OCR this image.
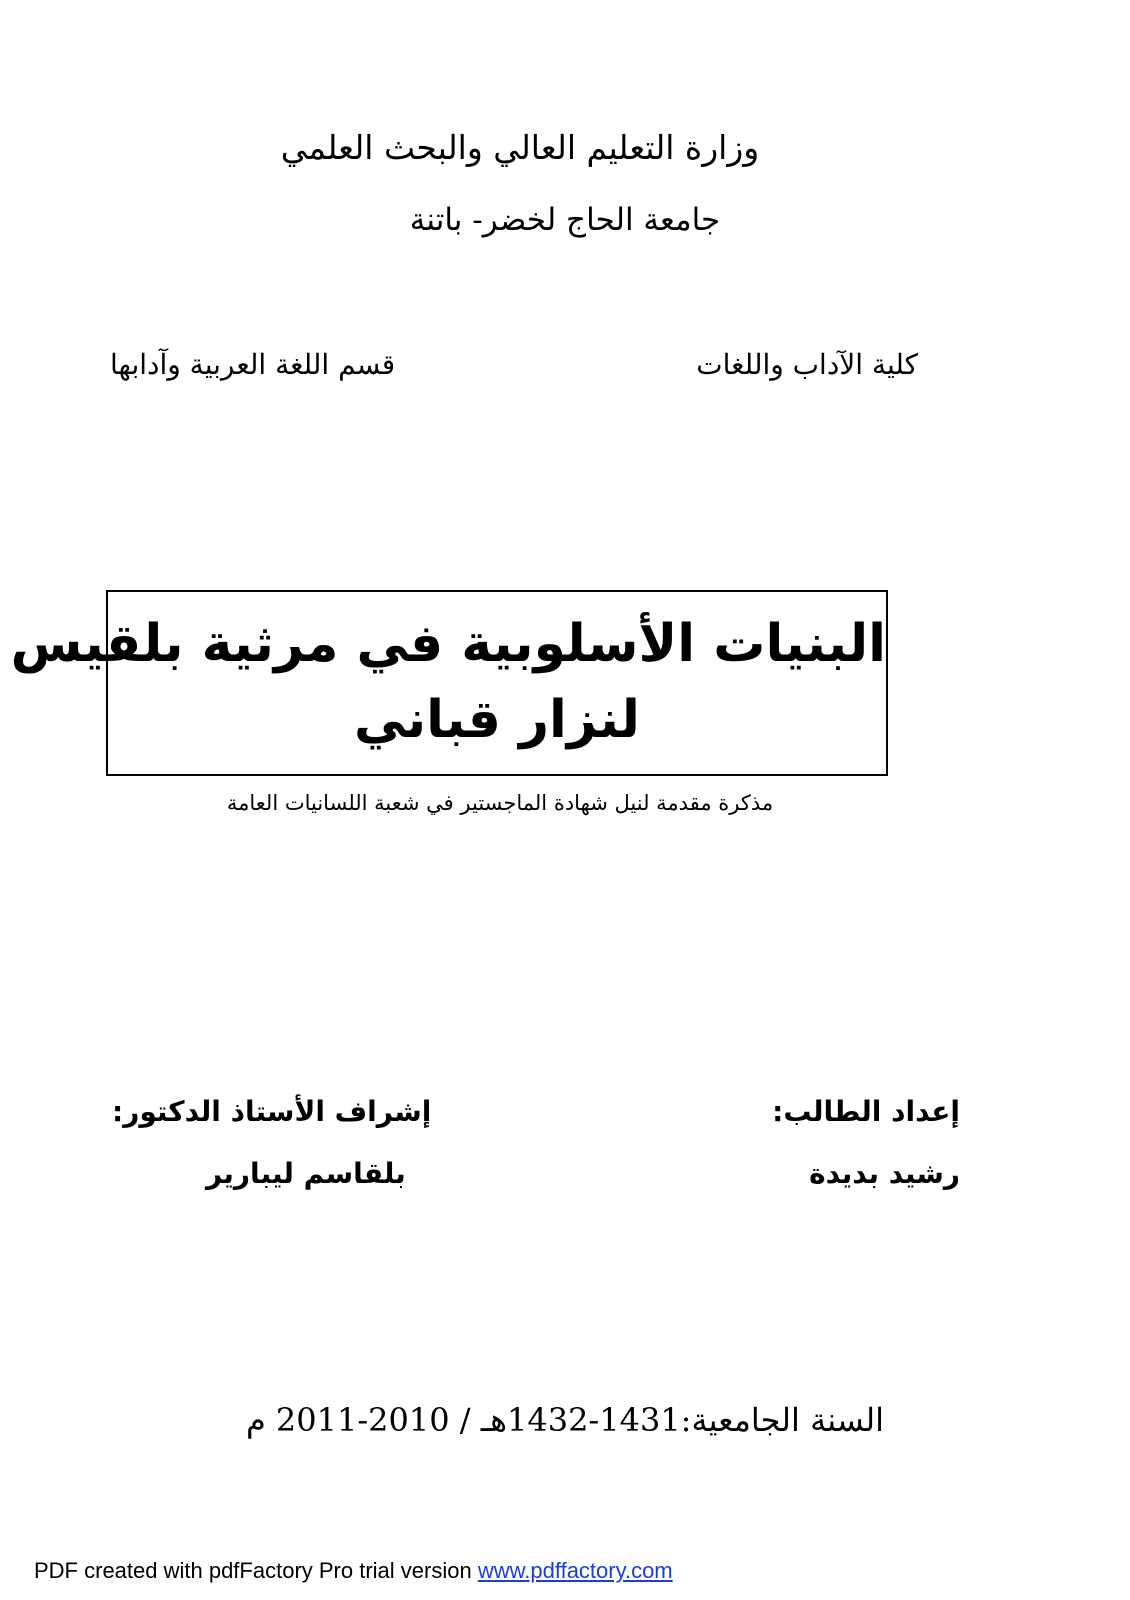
وزارة التعليم العالي والبحث العلمي
جامعة الحاج لخضر- باتنة
كلية الآداب واللغات
قسم اللغة العربية وآدابها
البنيات الأسلوبية في مرثية بلقيس
لنزار قباني
مذكرة مقدمة لنيل شهادة الماجستير في شعبة اللسانيات العامة
إعداد الطالب:
رشيد بديدة
إشراف الأستاذ الدكتور:
بلقاسم ليبارير
السنة الجامعية:1431-1432هـ / 2010-2011 م
PDF created with pdfFactory Pro trial version www.pdffactory.com
